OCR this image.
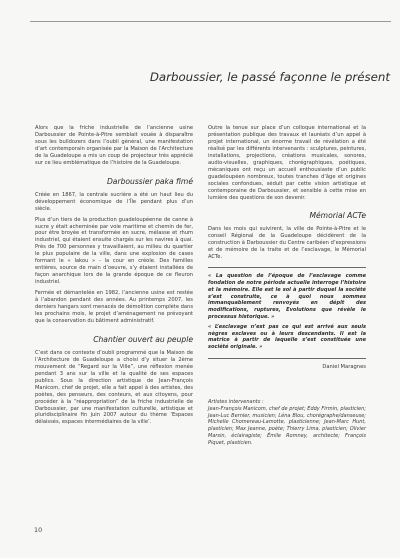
Darboussier, le passé façonne le présent

Alors que la friche industrielle de l’ancienne usine Darboussier de Pointe-à-Pitre semblait vouée à disparaître sous les bulldozers dans l’oubli général, une manifestation d’art contemporain organisée par la Maison de l’Architecture de la Guadeloupe a mis un coup de projecteur très apprécié sur ce lieu emblématique de l’histoire de la Guadeloupe.

Darboussier paka fimé

Créée en 1867, la centrale sucrière a été un haut lieu du développement économique de l’Île pendant plus d’un siècle.

Plus d’un tiers de la production guadeloupéenne de canne à sucre y était acheminée par voie maritime et chemin de fer, pour être broyée et transformée en sucre, mélasse et rhum industriel, qui étaient ensuite chargés sur les navires à quai. Près de 700 personnes y travaillaient, au milieu du quartier le plus populaire de la ville, dans une explosion de cases formant le « lakou » - la cour en créole. Des familles entières, source de main d’oeuvre, s’y étaient installées de façon anarchique lors de la grande époque de ce fleuron industriel.

Fermée et démantelée en 1982, l’ancienne usine est restée à l’abandon pendant des années. Au printemps 2007, les derniers hangars sont menacés de démolition complète dans les prochains mois, le projet d’aménagement ne prévoyant que la conservation du bâtiment administratif.

Chantier ouvert au peuple

C’est dans ce contexte d’oubli programmé que la Maison de l’Architecture de Guadeloupe a choisi d’y situer la 2ème mouvement de “Regard sur la Ville”, une réflexion menée pendant 3 ans sur la ville et la qualité de ses espaces publics. Sous la direction artistique de Jean-François Manicom, chef de projet, elle a fait appel à des artistes, des poètes, des penseurs, des conteurs, et aux citoyens, pour procéder à la “réappropriation” de la friche industrielle de Darboussier, par une manifestation culturelle, artistique et pluridisciplinaire fin juin 2007 autour du thème ‘Espaces délaissés, espaces intermédiaires de la ville’.

Outre la tenue sur place d’un colloque international et la présentation publique des travaux et lauréats d’un appel à projet international, un énorme travail de révélation a été réalisé par les différents intervenants : sculptures, peintures, installations, projections, créations musicales, sonores, audio-visuelles, graphiques, chorégraphiques, poétiques, mécaniques ont reçu un accueil enthousiaste d’un public guadeloupéen nombreux, toutes tranches d’âge et origines sociales confondues, séduit par cette vision artistique et contemporaine de Darboussier, et sensible à cette mise en lumière des questions de son devenir.

Mémorial ACTe

Dans les mois qui suivirent, la ville de Pointe-à-Pitre et le conseil Régional de la Guadeloupe décidèrent de la construction à Darboussier du Centre caribéen d’expressions et de mémoire de la traite et de l’esclavage, le Mémorial ACTe.

« La question de l’époque de l’esclavage comme fondation de notre période actuelle interroge l’histoire et la mémoire. Elle est le sol à partir duquel la société s’est construite, ce à quoi nous sommes immanquablement renvoyés en dépit des modifications, ruptures, Evolutions que révèle le processus historique. »

« L’esclavage n’est pas ce qui est arrivé aux seuls nègres esclaves ou à leurs descendants. Il est la matrice à partir de laquelle s’est constituée une société originale. »

Daniel Maragnes

Artistes intervenants :

Jean-François Manicom, chef de projet; Eddy Firmin, plasticien; Jean-Luc Bernier, musicien; Léna Blou, chorégraphe/danseuse; Michelle Chomereau-Lamotte, plasticienne; Jean-Marc Hunt, plasticien; Max Jeanne, poète; Thierry Lima, plasticien; Olivier Marsin, éclairagiste; Émile Romney, architecte; François Piquet, plasticien.

10
